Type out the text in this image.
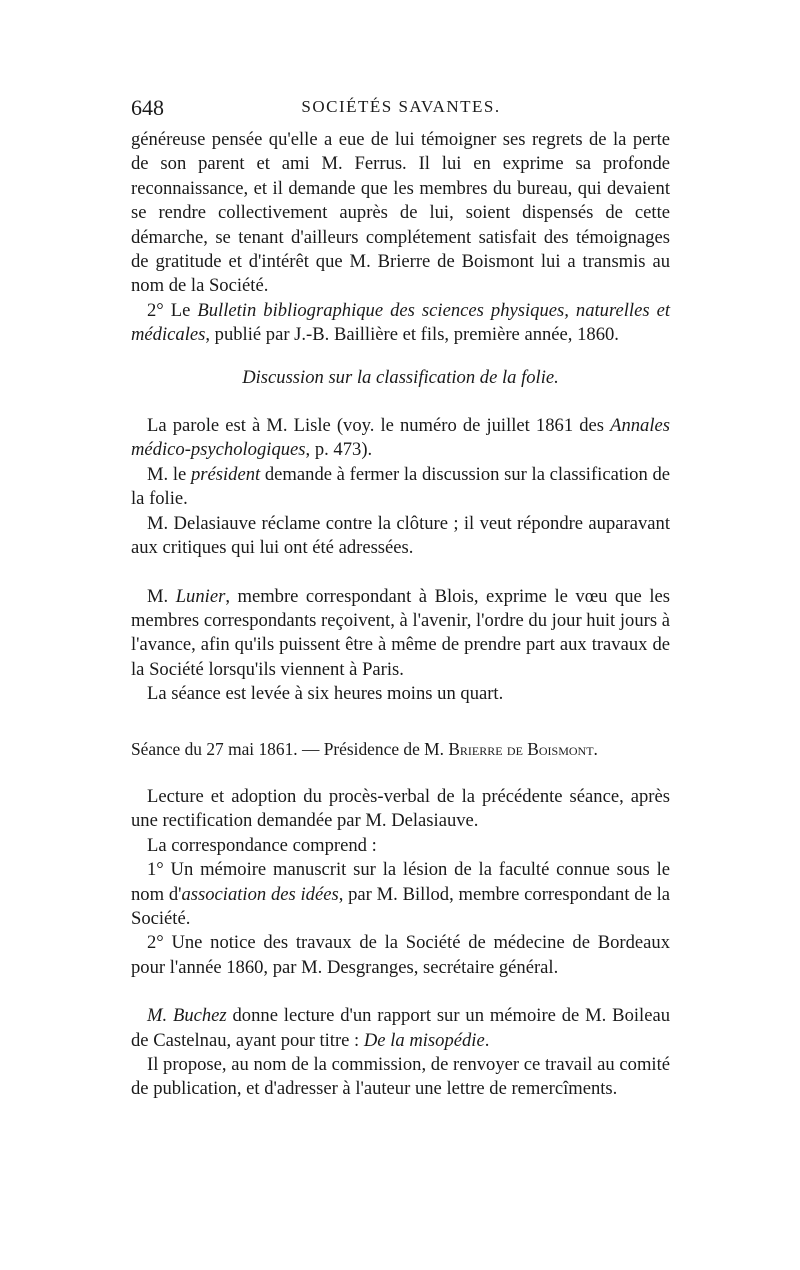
648	SOCIÉTÉS SAVANTES.

généreuse pensée qu'elle a eue de lui témoigner ses regrets de la perte de son parent et ami M. Ferrus. Il lui en exprime sa profonde reconnaissance, et il demande que les membres du bureau, qui devaient se rendre collectivement auprès de lui, soient dispensés de cette démarche, se tenant d'ailleurs complétement satisfait des témoignages de gratitude et d'intérêt que M. Brierre de Boismont lui a transmis au nom de la Société.

2° Le Bulletin bibliographique des sciences physiques, naturelles et médicales, publié par J.-B. Baillière et fils, première année, 1860.

Discussion sur la classification de la folie.

La parole est à M. Lisle (voy. le numéro de juillet 1861 des Annales médico-psychologiques, p. 473).

M. le président demande à fermer la discussion sur la classification de la folie.

M. Delasiauve réclame contre la clôture ; il veut répondre auparavant aux critiques qui lui ont été adressées.

M. Lunier, membre correspondant à Blois, exprime le vœu que les membres correspondants reçoivent, à l'avenir, l'ordre du jour huit jours à l'avance, afin qu'ils puissent être à même de prendre part aux travaux de la Société lorsqu'ils viennent à Paris.

La séance est levée à six heures moins un quart.

Séance du 27 mai 1861. — Présidence de M. Brierre de Boismont.

Lecture et adoption du procès-verbal de la précédente séance, après une rectification demandée par M. Delasiauve.

La correspondance comprend :

1° Un mémoire manuscrit sur la lésion de la faculté connue sous le nom d'association des idées, par M. Billod, membre correspondant de la Société.

2° Une notice des travaux de la Société de médecine de Bordeaux pour l'année 1860, par M. Desgranges, secrétaire général.

M. Buchez donne lecture d'un rapport sur un mémoire de M. Boileau de Castelnau, ayant pour titre : De la misopédie.

Il propose, au nom de la commission, de renvoyer ce travail au comité de publication, et d'adresser à l'auteur une lettre de remercîments.
